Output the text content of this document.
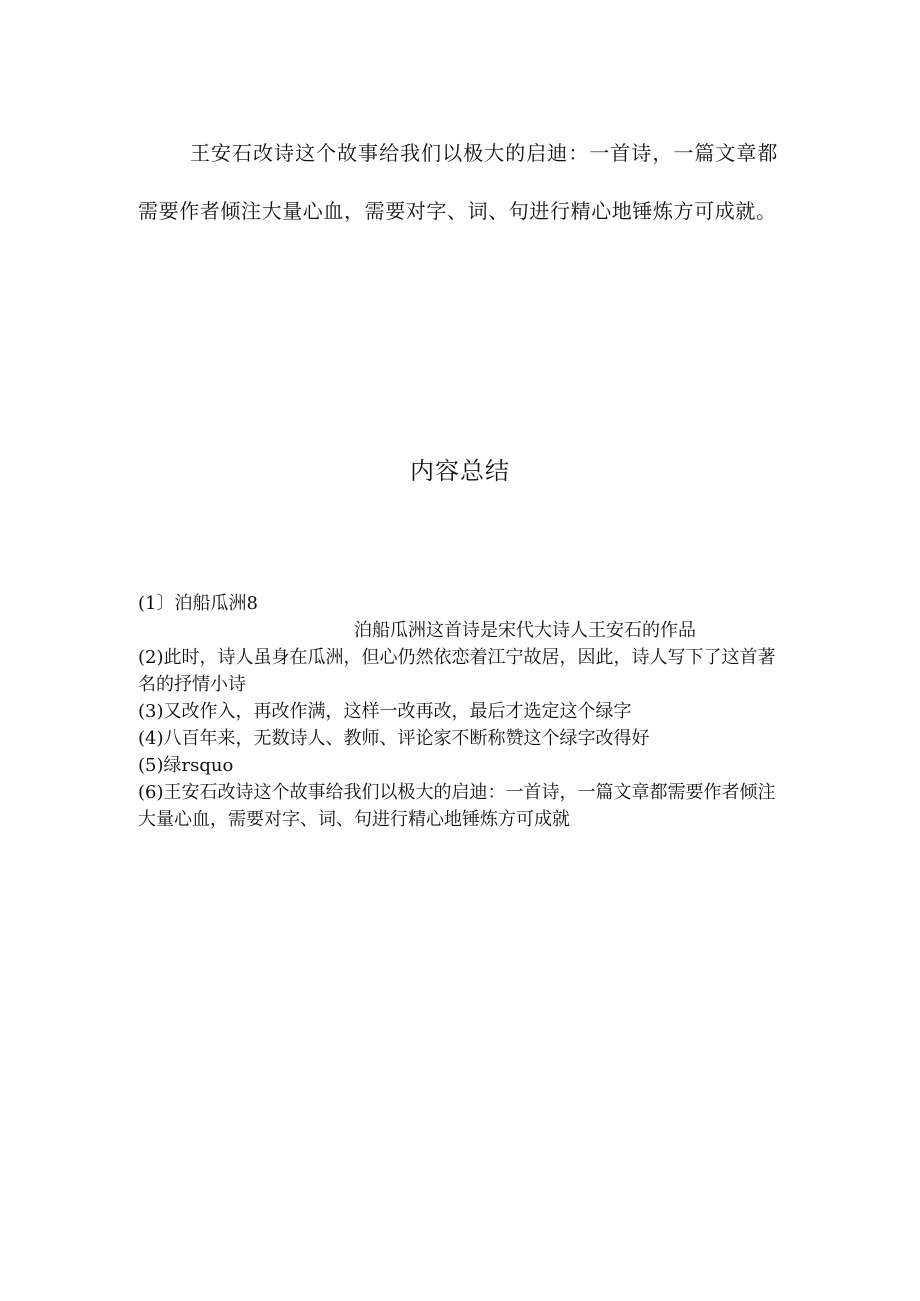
王安石改诗这个故事给我们以极大的启迪：一首诗，一篇文章都需要作者倾注大量心血，需要对字、词、句进行精心地锤炼方可成就。

内容总结
(1〕泊船瓜洲8
泊船瓜洲这首诗是宋代大诗人王安石的作品
(2)此时，诗人虽身在瓜洲，但心仍然依恋着江宁故居，因此，诗人写下了这首著名的抒情小诗
(3)又改作入，再改作满，这样一改再改，最后才选定这个绿字
(4)八百年来，无数诗人、教师、评论家不断称赞这个绿字改得好
(5)绿rsquo
(6)王安石改诗这个故事给我们以极大的启迪：一首诗，一篇文章都需要作者倾注大量心血，需要对字、词、句进行精心地锤炼方可成就
